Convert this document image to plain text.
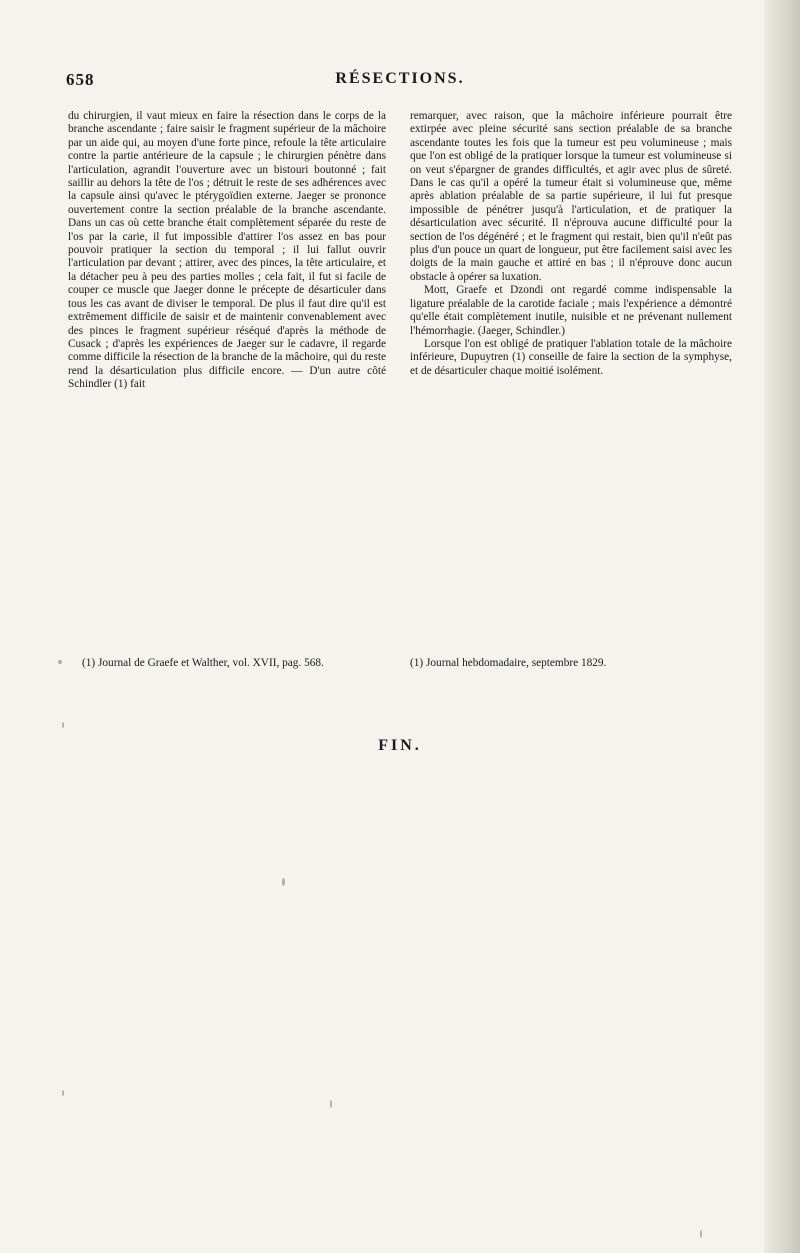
658	RÉSECTIONS.

du chirurgien, il vaut mieux en faire la résection dans le corps de la branche ascendante ; faire saisir le fragment supérieur de la mâchoire par un aide qui, au moyen d'une forte pince, refoule la tête articulaire contre la partie antérieure de la capsule ; le chirurgien pénètre dans l'articulation, agrandit l'ouverture avec un bistouri boutonné ; fait saillir au dehors la tête de l'os ; détruit le reste de ses adhérences avec la capsule ainsi qu'avec le ptérygoïdien externe. Jaeger se prononce ouvertement contre la section préalable de la branche ascendante. Dans un cas où cette branche était complètement séparée du reste de l'os par la carie, il fut impossible d'attirer l'os assez en bas pour pouvoir pratiquer la section du temporal ; il lui fallut ouvrir l'articulation par devant ; attirer, avec des pinces, la tête articulaire, et la détacher peu à peu des parties molles ; cela fait, il fut si facile de couper ce muscle que Jaeger donne le précepte de désarticuler dans tous les cas avant de diviser le temporal. De plus il faut dire qu'il est extrêmement difficile de saisir et de maintenir convenablement avec des pinces le fragment supérieur réséqué d'après la méthode de Cusack ; d'après les expériences de Jaeger sur le cadavre, il regarde comme difficile la résection de la branche de la mâchoire, qui du reste rend la désarticulation plus difficile encore. — D'un autre côté Schindler (1) fait

remarquer, avec raison, que la mâchoire inférieure pourrait être extirpée avec pleine sécurité sans section préalable de sa branche ascendante toutes les fois que la tumeur est peu volumineuse ; mais que l'on est obligé de la pratiquer lorsque la tumeur est volumineuse si on veut s'épargner de grandes difficultés, et agir avec plus de sûreté. Dans le cas qu'il a opéré la tumeur était si volumineuse que, même après ablation préalable de sa partie supérieure, il lui fut presque impossible de pénétrer jusqu'à l'articulation, et de pratiquer la désarticulation avec sécurité. Il n'éprouva aucune difficulté pour la section de l'os dégénéré ; et le fragment qui restait, bien qu'il n'eût pas plus d'un pouce un quart de longueur, put être facilement saisi avec les doigts de la main gauche et attiré en bas ; il n'éprouve donc aucun obstacle à opérer sa luxation.

Mott, Graefe et Dzondi ont regardé comme indispensable la ligature préalable de la carotide faciale ; mais l'expérience a démontré qu'elle était complètement inutile, nuisible et ne prévenant nullement l'hémorrhagie. (Jaeger, Schindler.)

Lorsque l'on est obligé de pratiquer l'ablation totale de la mâchoire inférieure, Dupuytren (1) conseille de faire la section de la symphyse, et de désarticuler chaque moitié isolément.

(1) Journal de Graefe et Walther, vol. XVII, pag. 568.	(1) Journal hebdomadaire, septembre 1829.
FIN.
